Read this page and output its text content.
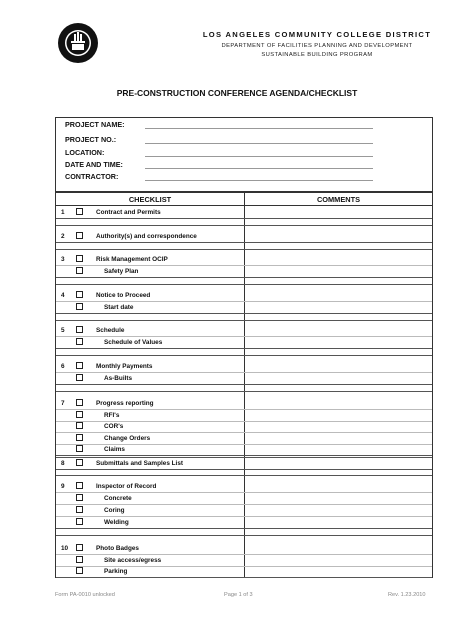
LOS ANGELES COMMUNITY COLLEGE DISTRICT
DEPARTMENT OF FACILITIES PLANNING AND DEVELOPMENT
SUSTAINABLE BUILDING PROGRAM
PRE-CONSTRUCTION CONFERENCE AGENDA/CHECKLIST
PROJECT NAME:
PROJECT NO.:
LOCATION:
DATE AND TIME:
CONTRACTOR:
CHECKLIST	COMMENTS
1	Contract and Permits
2	Authority(s) and correspondence
3	Risk Management OCIP
Safety Plan
4	Notice to Proceed
Start date
5	Schedule
Schedule of Values
6	Monthly Payments
As-Builts
7	Progress reporting
RFI's
COR's
Change Orders
Claims
8	Submittals and Samples List
9	Inspector of Record
Concrete
Coring
Welding
10	Photo Badges
Site access/egress
Parking
Form PA-0010 unlocked	Page 1 of 3	Rev. 1.23.2010
